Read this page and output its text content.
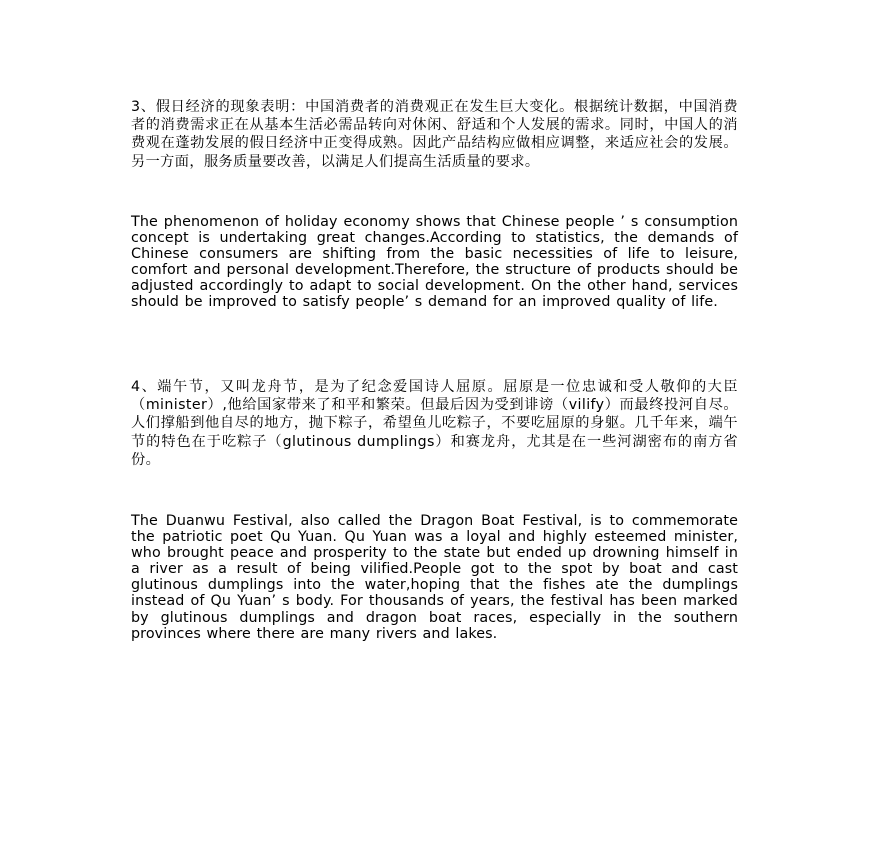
3、假日经济的现象表明：中国消费者的消费观正在发生巨大变化。根据统计数据，中国消费者的消费需求正在从基本生活必需品转向对休闲、舒适和个人发展的需求。同时，中国人的消费观在蓬勃发展的假日经济中正变得成熟。因此产品结构应做相应调整，来适应社会的发展。另一方面，服务质量要改善，以满足人们提高生活质量的要求。

The phenomenon of holiday economy shows that Chinese people ’ s consumption concept is undertaking great changes.According to statistics, the demands of Chinese consumers are shifting from the basic necessities of life to leisure, comfort and personal development.Therefore, the structure of products should be adjusted accordingly to adapt to social development. On the other hand, services should be improved to satisfy people’ s demand for an improved quality of life.

4、端午节，又叫龙舟节，是为了纪念爱国诗人屈原。屈原是一位忠诚和受人敬仰的大臣（minister）,他给国家带来了和平和繁荣。但最后因为受到诽谤（vilify）而最终投河自尽。人们撑船到他自尽的地方，抛下粽子，希望鱼儿吃粽子，不要吃屈原的身躯。几千年来，端午节的特色在于吃粽子（glutinous dumplings）和赛龙舟，尤其是在一些河湖密布的南方省份。

The Duanwu Festival, also called the Dragon Boat Festival, is to commemorate the patriotic poet Qu Yuan. Qu Yuan was a loyal and highly esteemed minister, who brought peace and prosperity to the state but ended up drowning himself in a river as a result of being vilified.People got to the spot by boat and cast glutinous dumplings into the water,hoping that the fishes ate the dumplings instead of Qu Yuan’ s body. For thousands of years, the festival has been marked by glutinous dumplings and dragon boat races, especially in the southern provinces where there are many rivers and lakes.
